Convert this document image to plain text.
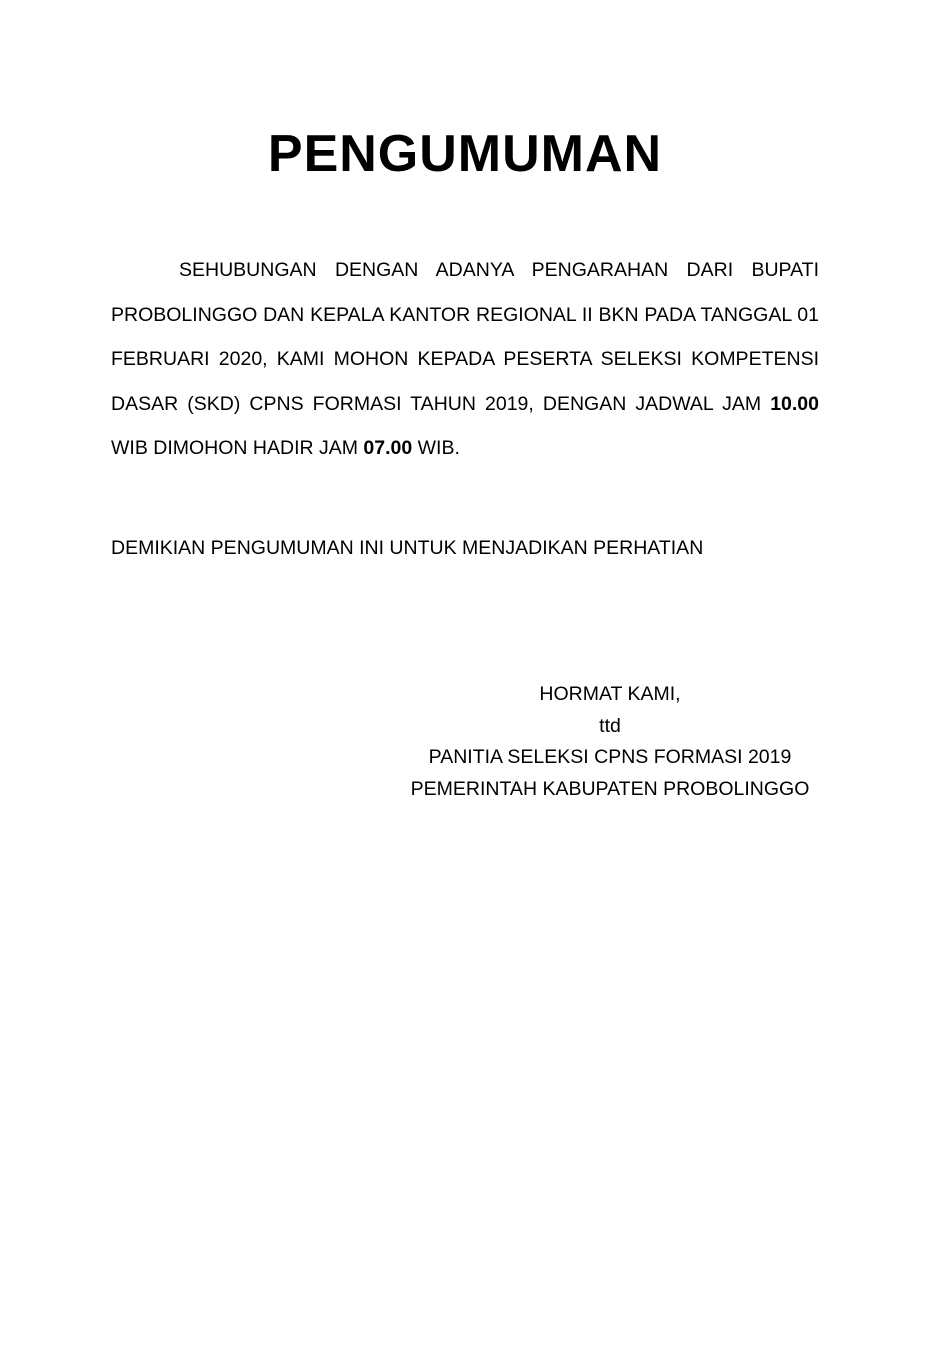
PENGUMUMAN

SEHUBUNGAN DENGAN ADANYA PENGARAHAN DARI BUPATI PROBOLINGGO DAN KEPALA KANTOR REGIONAL II BKN PADA TANGGAL 01 FEBRUARI 2020, KAMI MOHON KEPADA PESERTA SELEKSI KOMPETENSI DASAR (SKD) CPNS FORMASI TAHUN 2019, DENGAN JADWAL JAM 10.00 WIB DIMOHON HADIR JAM 07.00 WIB.

DEMIKIAN PENGUMUMAN INI UNTUK MENJADIKAN PERHATIAN
HORMAT KAMI,
ttd
PANITIA SELEKSI CPNS FORMASI 2019
PEMERINTAH KABUPATEN PROBOLINGGO
